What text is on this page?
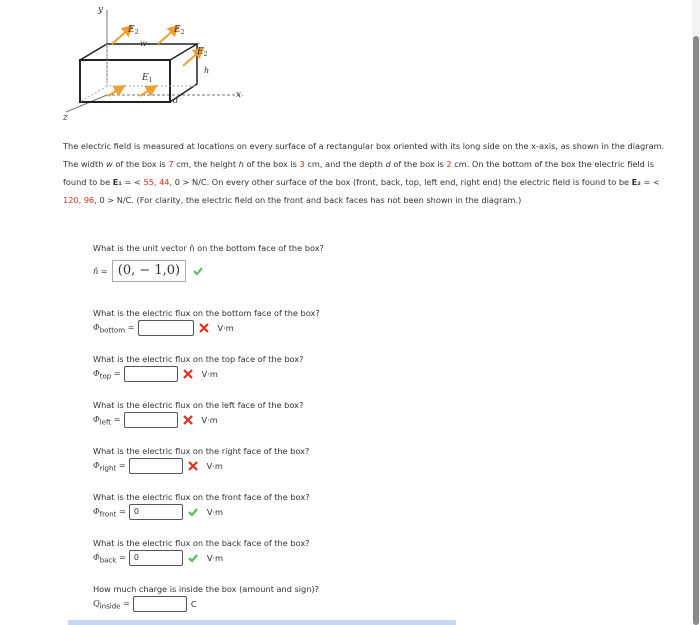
y
x
z
$E_2$	$E_2$
$E_2$
$E_1$
w
h
d
The electric field is measured at locations on every surface of a rectangular box oriented with its long side on the x-axis, as shown in the diagram. The width w of the box is 7 cm, the height h of the box is 3 cm, and the depth d of the box is 2 cm. On the bottom of the box the electric field is found to be E₁ = < 55, 44, 0 > N/C. On every other surface of the box (front, back, top, left end, right end) the electric field is found to be E₂ = < 120, 96, 0 > N/C. (For clarity, the electric field on the front and back faces has not been shown in the diagram.)
What is the unit vector n̂ on the bottom face of the box?
n̂ = (0, − 1,0)
What is the electric flux on the bottom face of the box?
$\Phi_{bottom}$ =	V·m
What is the electric flux on the top face of the box?
$\Phi_{top}$ =	V·m
What is the electric flux on the left face of the box?
$\Phi_{left}$ =	V·m
What is the electric flux on the right face of the box?
$\Phi_{right}$ =	V·m
What is the electric flux on the front face of the box?
$\Phi_{front}$ =	0	V·m
What is the electric flux on the back face of the box?
$\Phi_{back}$ =	0	V·m
How much charge is inside the box (amount and sign)?
$Q_{inside}$ =	C
